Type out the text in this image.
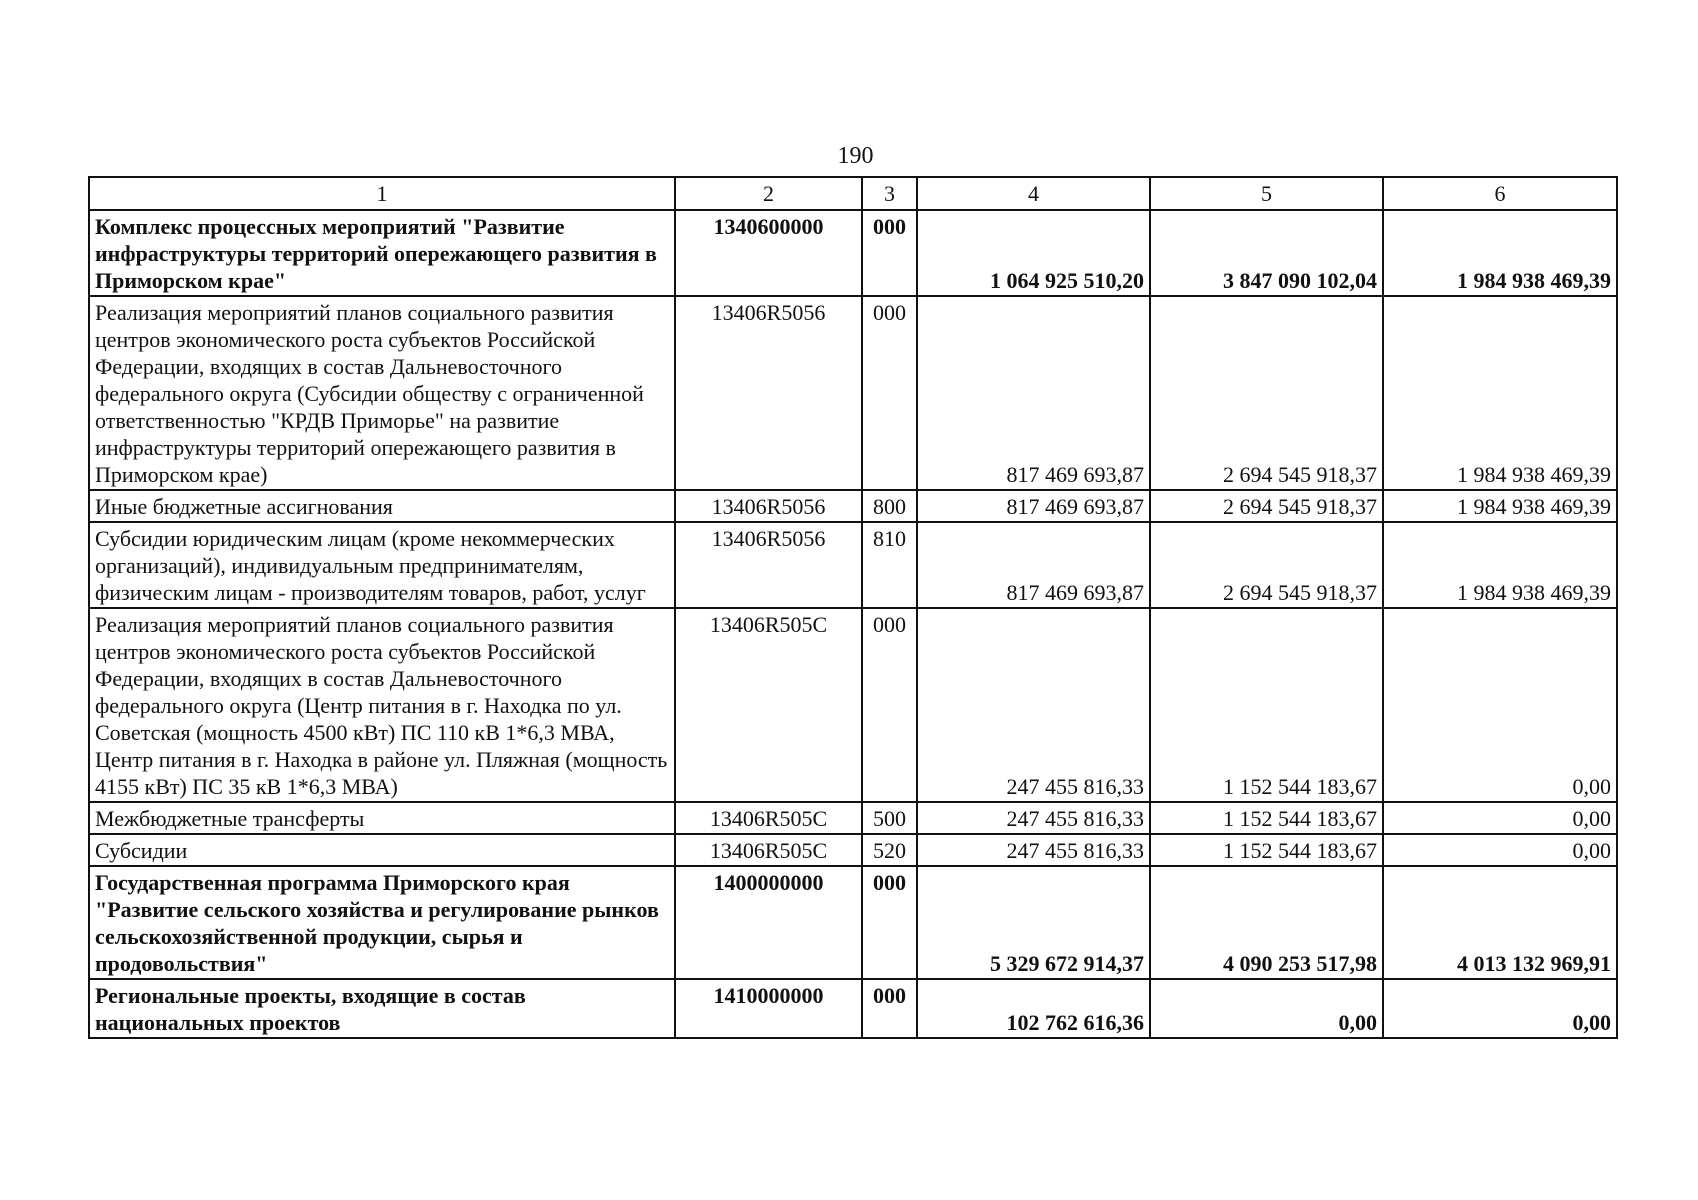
190
1	2	3	4	5	6
Комплекс процессных мероприятий "Развитие инфраструктуры территорий опережающего развития в Приморском крае"	1340600000	000	1 064 925 510,20	3 847 090 102,04	1 984 938 469,39
Реализация мероприятий планов социального развития центров экономического роста субъектов Российской Федерации, входящих в состав Дальневосточного федерального округа (Субсидии обществу с ограниченной ответственностью "КРДВ Приморье" на развитие инфраструктуры территорий опережающего развития в Приморском крае)	13406R5056	000	817 469 693,87	2 694 545 918,37	1 984 938 469,39
Иные бюджетные ассигнования	13406R5056	800	817 469 693,87	2 694 545 918,37	1 984 938 469,39
Субсидии юридическим лицам (кроме некоммерческих организаций), индивидуальным предпринимателям, физическим лицам - производителям товаров, работ, услуг	13406R5056	810	817 469 693,87	2 694 545 918,37	1 984 938 469,39
Реализация мероприятий планов социального развития центров экономического роста субъектов Российской Федерации, входящих в состав Дальневосточного федерального округа (Центр питания в г. Находка по ул. Советская (мощность 4500 кВт) ПС 110 кВ 1*6,3 МВА, Центр питания в г. Находка в районе ул. Пляжная (мощность 4155 кВт) ПС 35 кВ 1*6,3 МВА)	13406R505C	000	247 455 816,33	1 152 544 183,67	0,00
Межбюджетные трансферты	13406R505C	500	247 455 816,33	1 152 544 183,67	0,00
Субсидии	13406R505C	520	247 455 816,33	1 152 544 183,67	0,00
Государственная программа Приморского края "Развитие сельского хозяйства и регулирование рынков сельскохозяйственной продукции, сырья и продовольствия"	1400000000	000	5 329 672 914,37	4 090 253 517,98	4 013 132 969,91
Региональные проекты, входящие в состав национальных проектов	1410000000	000	102 762 616,36	0,00	0,00
